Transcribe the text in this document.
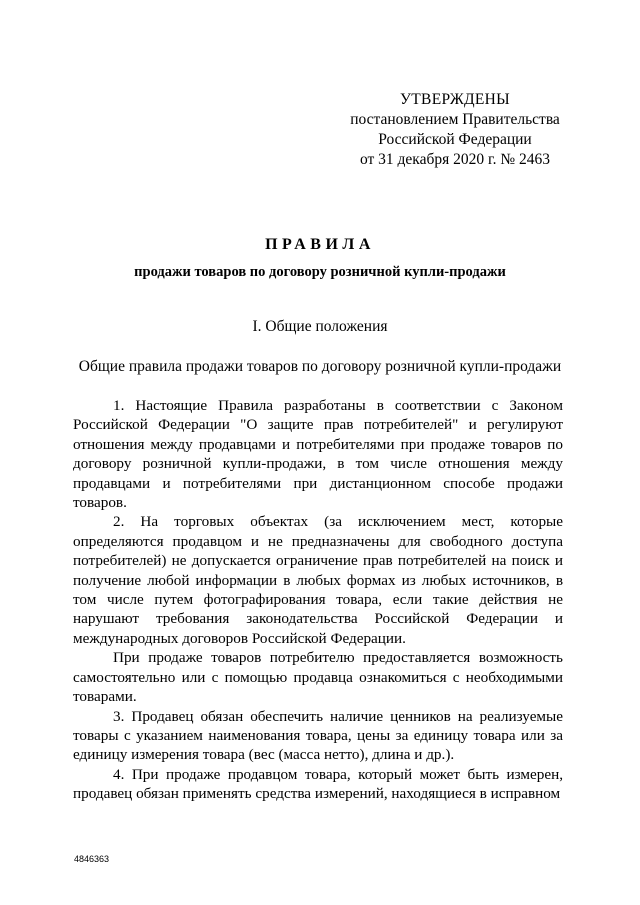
УТВЕРЖДЕНЫ
постановлением Правительства
Российской Федерации
от 31 декабря 2020 г. № 2463
ПРАВИЛА
продажи товаров по договору розничной купли-продажи
I. Общие положения
Общие правила продажи товаров по договору розничной купли-продажи

1. Настоящие Правила разработаны в соответствии с Законом Российской Федерации "О защите прав потребителей" и регулируют отношения между продавцами и потребителями при продаже товаров по договору розничной купли-продажи, в том числе отношения между продавцами и потребителями при дистанционном способе продажи товаров.

2. На торговых объектах (за исключением мест, которые определяются продавцом и не предназначены для свободного доступа потребителей) не допускается ограничение прав потребителей на поиск и получение любой информации в любых формах из любых источников, в том числе путем фотографирования товара, если такие действия не нарушают требования законодательства Российской Федерации и международных договоров Российской Федерации.

При продаже товаров потребителю предоставляется возможность самостоятельно или с помощью продавца ознакомиться с необходимыми товарами.

3. Продавец обязан обеспечить наличие ценников на реализуемые товары с указанием наименования товара, цены за единицу товара или за единицу измерения товара (вес (масса нетто), длина и др.).

4. При продаже продавцом товара, который может быть измерен, продавец обязан применять средства измерений, находящиеся в исправном

4846363
